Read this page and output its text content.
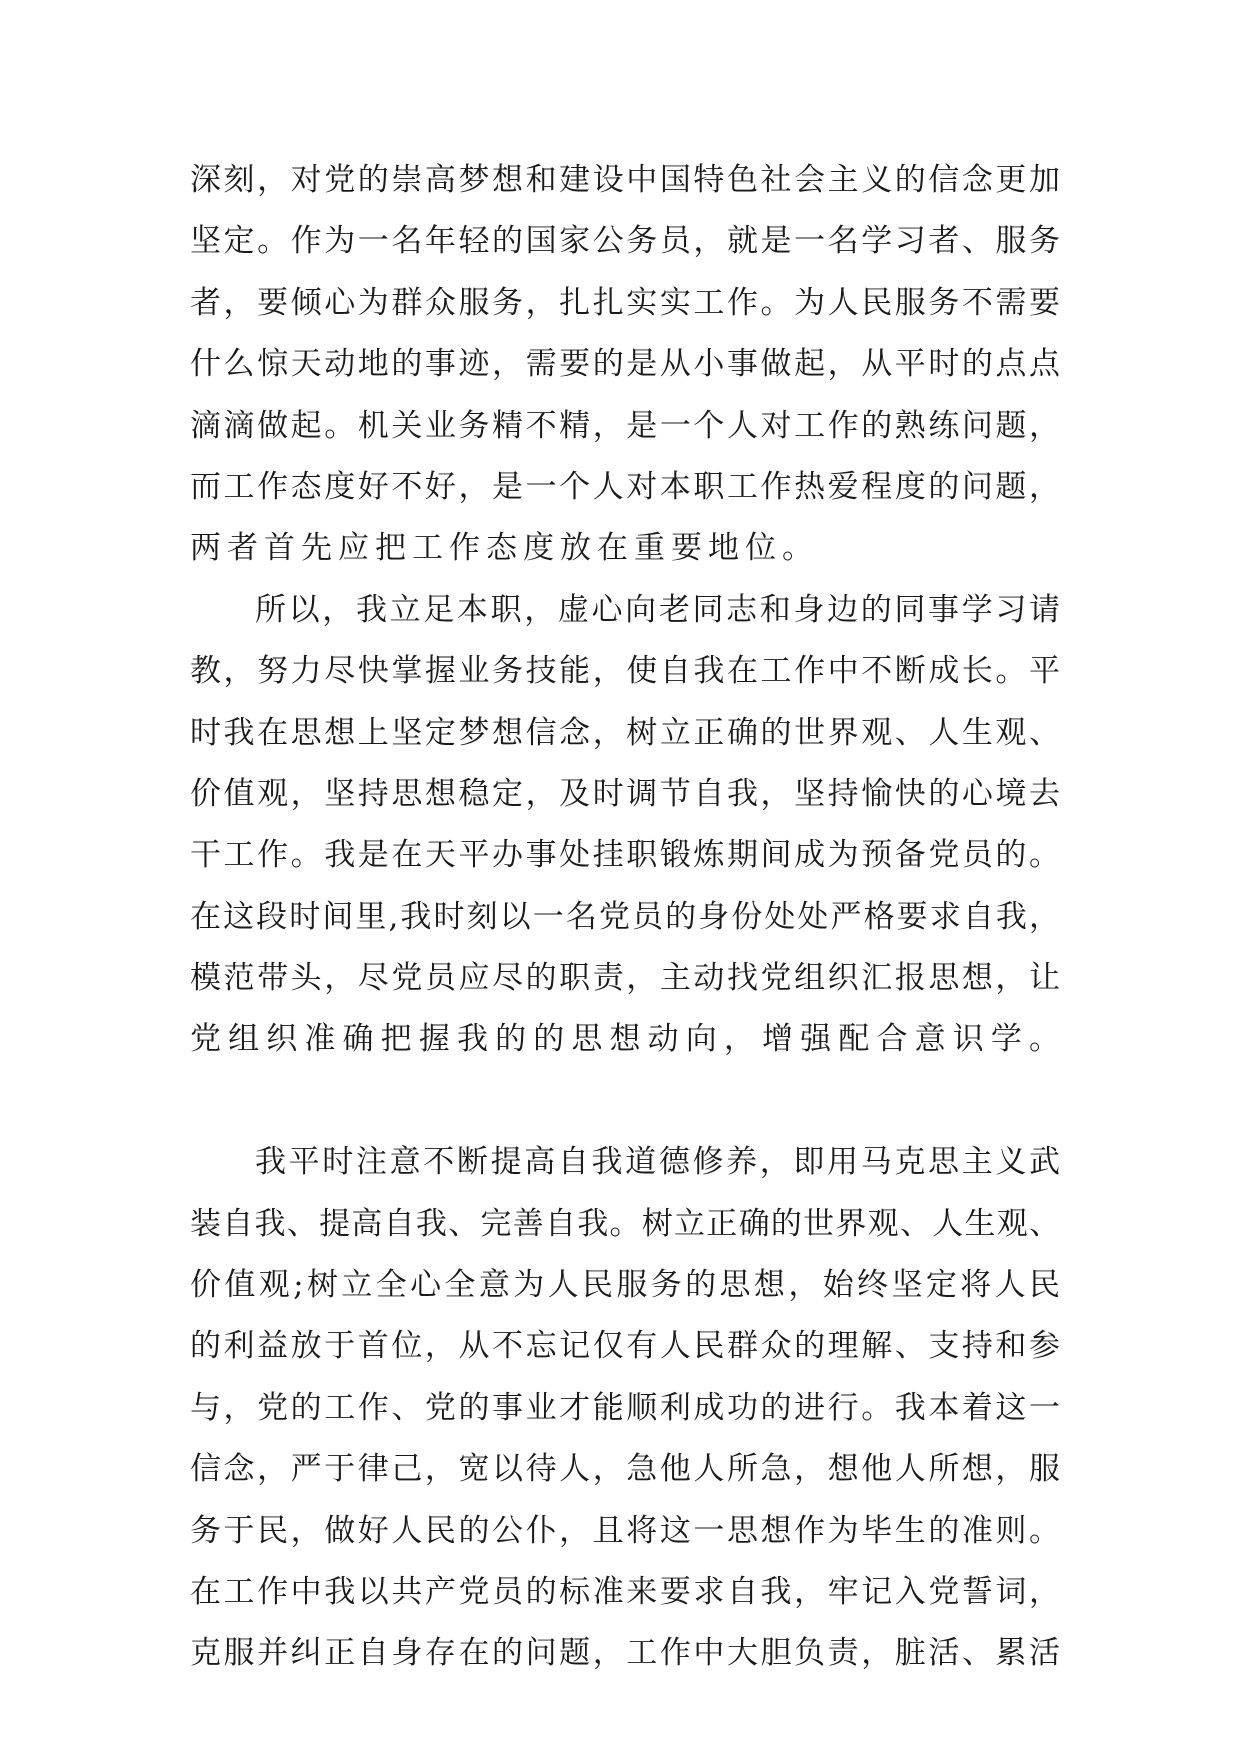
深刻，对党的崇高梦想和建设中国特色社会主义的信念更加
坚定。作为一名年轻的国家公务员，就是一名学习者、服务
者，要倾心为群众服务，扎扎实实工作。为人民服务不需要
什么惊天动地的事迹，需要的是从小事做起，从平时的点点
滴滴做起。机关业务精不精，是一个人对工作的熟练问题，
而工作态度好不好，是一个人对本职工作热爱程度的问题，
两者首先应把工作态度放在重要地位。
所以，我立足本职，虚心向老同志和身边的同事学习请
教，努力尽快掌握业务技能，使自我在工作中不断成长。平
时我在思想上坚定梦想信念，树立正确的世界观、人生观、
价值观，坚持思想稳定，及时调节自我，坚持愉快的心境去
干工作。我是在天平办事处挂职锻炼期间成为预备党员的。
在这段时间里,我时刻以一名党员的身份处处严格要求自我，
模范带头，尽党员应尽的职责，主动找党组织汇报思想，让
党组织准确把握我的的思想动向，增强配合意识学。
我平时注意不断提高自我道德修养，即用马克思主义武
装自我、提高自我、完善自我。树立正确的世界观、人生观、
价值观;树立全心全意为人民服务的思想，始终坚定将人民
的利益放于首位，从不忘记仅有人民群众的理解、支持和参
与，党的工作、党的事业才能顺利成功的进行。我本着这一
信念，严于律己，宽以待人，急他人所急，想他人所想，服
务于民，做好人民的公仆，且将这一思想作为毕生的准则。
在工作中我以共产党员的标准来要求自我，牢记入党誓词，
克服并纠正自身存在的问题，工作中大胆负责，脏活、累活
